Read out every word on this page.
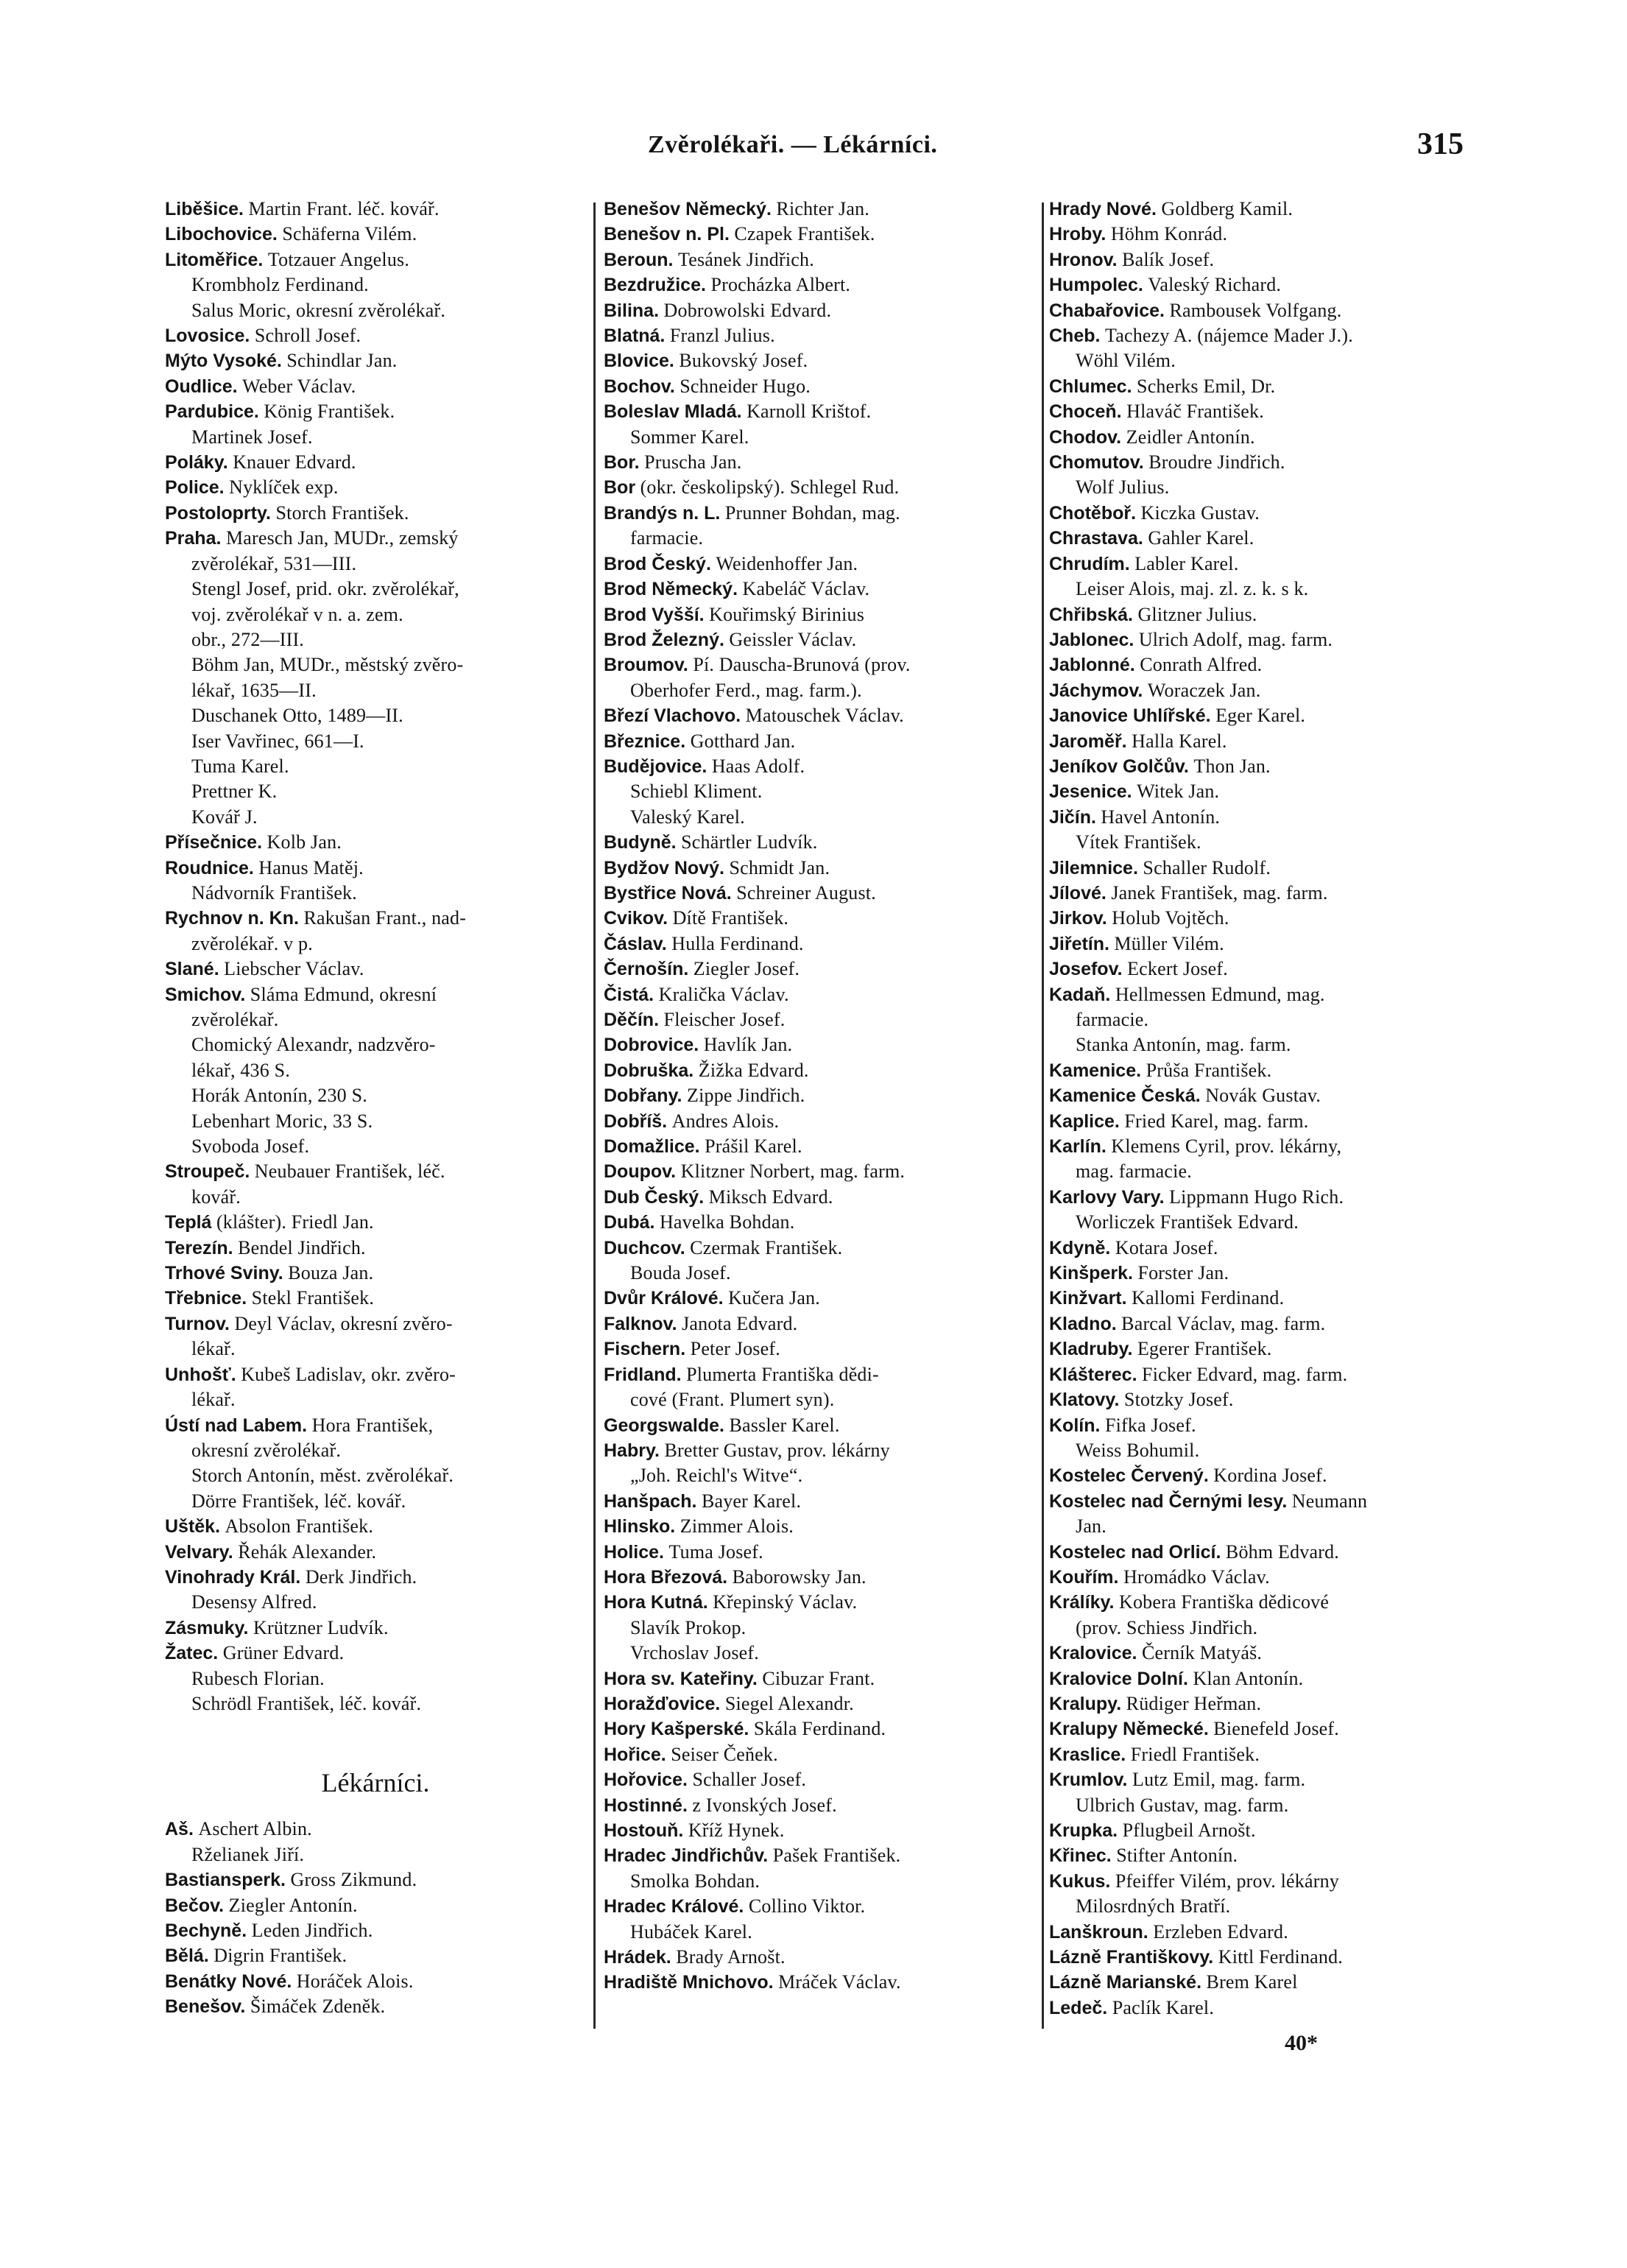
Zvěrolékaři. — Lékárníci.	315
Liběšice. Martin Frant. léč. kovář.
Libochovice. Schäferna Vilém.
Litoměřice. Totzauer Angelus.
Krombholz Ferdinand.
Salus Moric, okresní zvěrolékař.
Lovosice. Schroll Josef.
Mýto Vysoké. Schindlar Jan.
Oudlice. Weber Václav.
Pardubice. König František.
Martinek Josef.
Poláky. Knauer Edvard.
Police. Nyklíček exp.
Postoloprty. Storch František.
Praha. Maresch Jan, MUDr., zemský
zvěrolékař, 531—III.
Stengl Josef, prid. okr. zvěrolékař,
voj. zvěrolékař v n. a. zem.
obr., 272—III.
Böhm Jan, MUDr., městský zvěro-
lékař, 1635—II.
Duschanek Otto, 1489—II.
Iser Vavřinec, 661—I.
Tuma Karel.
Prettner K.
Kovář J.
Přísečnice. Kolb Jan.
Roudnice. Hanus Matěj.
Nádvorník František.
Rychnov n. Kn. Rakušan Frant., nad-
zvěrolékař. v p.
Slané. Liebscher Václav.
Smichov. Sláma Edmund, okresní
zvěrolékař.
Chomický Alexandr, nadzvěro-
lékař, 436 S.
Horák Antonín, 230 S.
Lebenhart Moric, 33 S.
Svoboda Josef.
Stroupeč. Neubauer František, léč.
kovář.
Teplá (klášter). Friedl Jan.
Terezín. Bendel Jindřich.
Trhové Sviny. Bouza Jan.
Třebnice. Stekl František.
Turnov. Deyl Václav, okresní zvěro-
lékař.
Unhošť. Kubeš Ladislav, okr. zvěro-
lékař.
Ústí nad Labem. Hora František,
okresní zvěrolékař.
Storch Antonín, měst. zvěrolékař.
Dörre František, léč. kovář.
Uštěk. Absolon František.
Velvary. Řehák Alexander.
Vinohrady Král. Derk Jindřich.
Desensy Alfred.
Zásmuky. Krützner Ludvík.
Žatec. Grüner Edvard.
Rubesch Florian.
Schrödl František, léč. kovář.
Lékárníci.
Aš. Aschert Albin.
Rželianek Jiří.
Bastiansperk. Gross Zikmund.
Bečov. Ziegler Antonín.
Bechyně. Leden Jindřich.
Bělá. Digrin František.
Benátky Nové. Horáček Alois.
Benešov. Šimáček Zdeněk.
Benešov Německý. Richter Jan.
Benešov n. Pl. Czapek František.
Beroun. Tesánek Jindřich.
Bezdružice. Procházka Albert.
Bilina. Dobrowolski Edvard.
Blatná. Franzl Julius.
Blovice. Bukovský Josef.
Bochov. Schneider Hugo.
Boleslav Mladá. Karnoll Krištof.
Sommer Karel.
Bor. Pruscha Jan.
Bor (okr. českolipský). Schlegel Rud.
Brandýs n. L. Prunner Bohdan, mag.
farmacie.
Brod Český. Weidenhoffer Jan.
Brod Německý. Kabeláč Václav.
Brod Vyšší. Kouřimský Birinius
Brod Železný. Geissler Václav.
Broumov. Pí. Dauscha-Brunová (prov.
Oberhofer Ferd., mag. farm.).
Březí Vlachovo. Matouschek Václav.
Březnice. Gotthard Jan.
Budějovice. Haas Adolf.
Schiebl Kliment.
Valeský Karel.
Budyně. Schärtler Ludvík.
Bydžov Nový. Schmidt Jan.
Bystřice Nová. Schreiner August.
Cvikov. Dítě František.
Čáslav. Hulla Ferdinand.
Černošín. Ziegler Josef.
Čistá. Kralička Václav.
Děčín. Fleischer Josef.
Dobrovice. Havlík Jan.
Dobruška. Žižka Edvard.
Dobřany. Zippe Jindřich.
Dobříš. Andres Alois.
Domažlice. Prášil Karel.
Doupov. Klitzner Norbert, mag. farm.
Dub Český. Miksch Edvard.
Dubá. Havelka Bohdan.
Duchcov. Czermak František.
Bouda Josef.
Dvůr Králové. Kučera Jan.
Falknov. Janota Edvard.
Fischern. Peter Josef.
Fridland. Plumerta Františka dědi-
cové (Frant. Plumert syn).
Georgswalde. Bassler Karel.
Habry. Bretter Gustav, prov. lékárny
„Joh. Reichl's Witve“.
Hanšpach. Bayer Karel.
Hlinsko. Zimmer Alois.
Holice. Tuma Josef.
Hora Březová. Baborowsky Jan.
Hora Kutná. Křepinský Václav.
Slavík Prokop.
Vrchoslav Josef.
Hora sv. Kateřiny. Cibuzar Frant.
Horažďovice. Siegel Alexandr.
Hory Kašperské. Skála Ferdinand.
Hořice. Seiser Čeňek.
Hořovice. Schaller Josef.
Hostinné. z Ivonských Josef.
Hostouň. Kříž Hynek.
Hradec Jindřichův. Pašek František.
Smolka Bohdan.
Hradec Králové. Collino Viktor.
Hubáček Karel.
Hrádek. Brady Arnošt.
Hradiště Mnichovo. Mráček Václav.
Hrady Nové. Goldberg Kamil.
Hroby. Höhm Konrád.
Hronov. Balík Josef.
Humpolec. Valeský Richard.
Chabařovice. Rambousek Volfgang.
Cheb. Tachezy A. (nájemce Mader J.).
Wöhl Vilém.
Chlumec. Scherks Emil, Dr.
Choceň. Hlaváč František.
Chodov. Zeidler Antonín.
Chomutov. Broudre Jindřich.
Wolf Julius.
Chotěboř. Kiczka Gustav.
Chrastava. Gahler Karel.
Chrudím. Labler Karel.
Leiser Alois, maj. zl. z. k. s k.
Chřibská. Glitzner Julius.
Jablonec. Ulrich Adolf, mag. farm.
Jablonné. Conrath Alfred.
Jáchymov. Woraczek Jan.
Janovice Uhlířské. Eger Karel.
Jaroměř. Halla Karel.
Jeníkov Golčův. Thon Jan.
Jesenice. Witek Jan.
Jičín. Havel Antonín.
Vítek František.
Jilemnice. Schaller Rudolf.
Jílové. Janek František, mag. farm.
Jirkov. Holub Vojtěch.
Jiřetín. Müller Vilém.
Josefov. Eckert Josef.
Kadaň. Hellmessen Edmund, mag.
farmacie.
Stanka Antonín, mag. farm.
Kamenice. Průša František.
Kamenice Česká. Novák Gustav.
Kaplice. Fried Karel, mag. farm.
Karlín. Klemens Cyril, prov. lékárny,
mag. farmacie.
Karlovy Vary. Lippmann Hugo Rich.
Worliczek František Edvard.
Kdyně. Kotara Josef.
Kinšperk. Forster Jan.
Kinžvart. Kallomi Ferdinand.
Kladno. Barcal Václav, mag. farm.
Kladruby. Egerer František.
Klášterec. Ficker Edvard, mag. farm.
Klatovy. Stotzky Josef.
Kolín. Fifka Josef.
Weiss Bohumil.
Kostelec Červený. Kordina Josef.
Kostelec nad Černými lesy. Neumann
Jan.
Kostelec nad Orlicí. Böhm Edvard.
Kouřím. Hromádko Václav.
Králíky. Kobera Františka dědicové
(prov. Schiess Jindřich.
Kralovice. Černík Matyáš.
Kralovice Dolní. Klan Antonín.
Kralupy. Rüdiger Heřman.
Kralupy Německé. Bienefeld Josef.
Kraslice. Friedl František.
Krumlov. Lutz Emil, mag. farm.
Ulbrich Gustav, mag. farm.
Krupka. Pflugbeil Arnošt.
Křinec. Stifter Antonín.
Kukus. Pfeiffer Vilém, prov. lékárny
Milosrdných Bratří.
Lanškroun. Erzleben Edvard.
Lázně Františkovy. Kittl Ferdinand.
Lázně Marianské. Brem Karel
Ledeč. Paclík Karel.
40*
